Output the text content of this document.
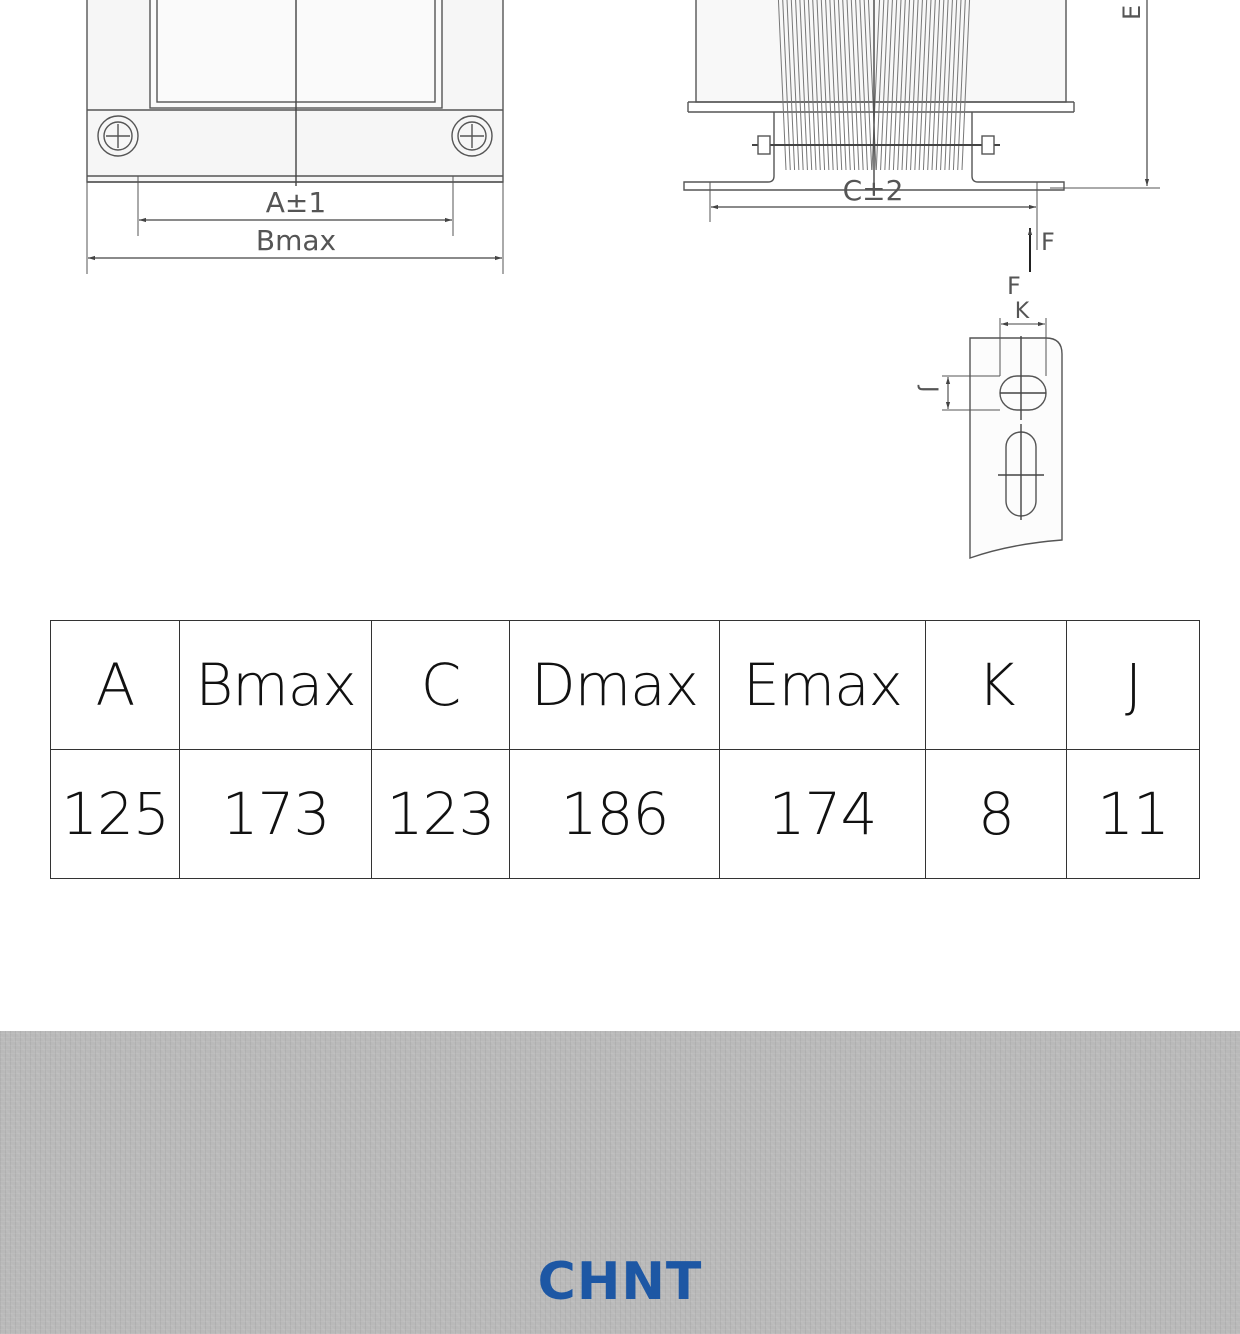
A±1
Bmax
C±2
E
F
F
K
J
A	Bmax	C	Dmax	Emax	K	J
125	173	123	186	174	8	11
CHNT
